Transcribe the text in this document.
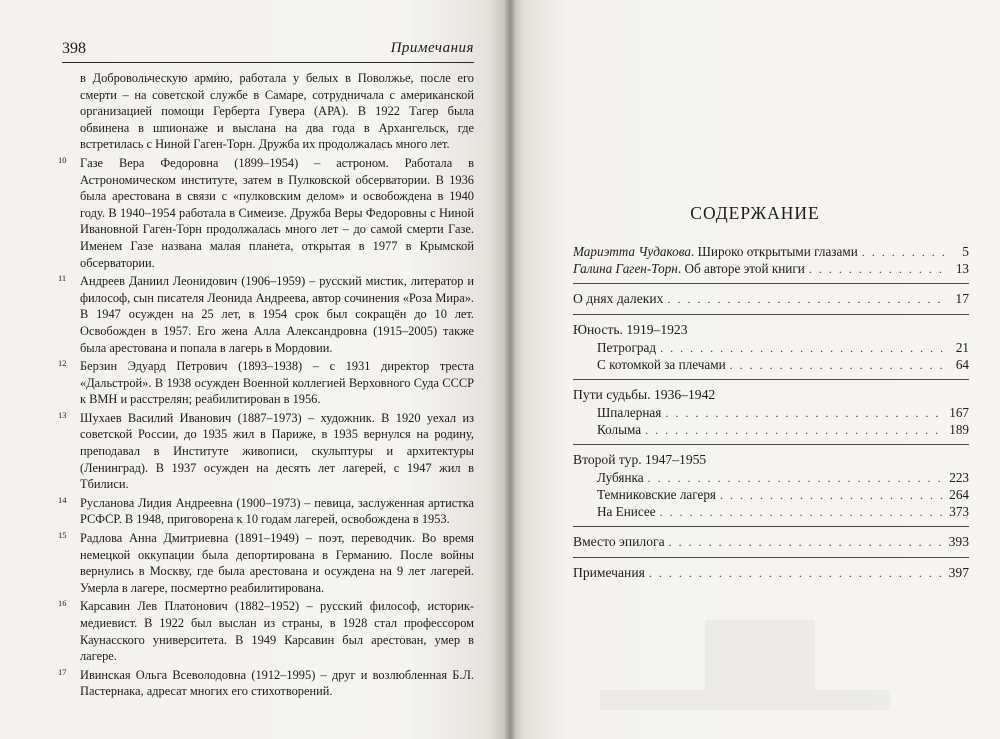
398	Примечания
в Добровольческую армию, работала у белых в Поволжье, после его смерти – на советской службе в Самаре, сотрудничала с американской организацией помощи Герберта Гувера (АРА). В 1922 Тагер была обвинена в шпионаже и выслана на два года в Архангельск, где встретилась с Ниной Гаген-Торн. Дружба их продолжалась много лет.
10	Гaзе Вера Федоровна (1899–1954) – астроном. Работала в Астрономическом институте, затем в Пулковской обсерватории. В 1936 была арестована в связи с «пулковским делом» и освобождена в 1940 году. В 1940–1954 работала в Симеизе. Дружба Веры Федоровны с Ниной Ивановной Гаген-Торн продолжалась много лет – до самой смерти Газе. Именем Газе названа малая планета, открытая в 1977 в Крымской обсерватории.
11	Андреев Даниил Леонидович (1906–1959) – русский мистик, литератор и философ, сын писателя Леонида Андреева, автор сочинения «Роза Мира». В 1947 осужден на 25 лет, в 1954 срок был сокращён до 10 лет. Освобожден в 1957. Его жена Алла Александровна (1915–2005) также была арестована и попала в лагерь в Мордовии.
12	Берзин Эдуард Петрович (1893–1938) – с 1931 директор треста «Дальстрой». В 1938 осужден Военной коллегией Верховного Суда СССР к ВМН и расстрелян; реабилитирован в 1956.
13	Шухаев Василий Иванович (1887–1973) – художник. В 1920 уехал из советской России, до 1935 жил в Париже, в 1935 вернулся на родину, преподавал в Институте живописи, скульптуры и архитектуры (Ленинград). В 1937 осужден на десять лет лагерей, с 1947 жил в Тбилиси.
14	Русланова Лидия Андреевна (1900–1973) – певица, заслуженная артистка РСФСР. В 1948, приговорена к 10 годам лагерей, освобождена в 1953.
15	Радлова Анна Дмитриевна (1891–1949) – поэт, переводчик. Во время немецкой оккупации была депортирована в Германию. После войны вернулись в Москву, где была арестована и осуждена на 9 лет лагерей. Умерла в лагере, посмертно реабилитирована.
16	Карсавин Лев Платонович (1882–1952) – русский философ, историк-медиевист. В 1922 был выслан из страны, в 1928 стал профессором Каунасского университета. В 1949 Карсавин был арестован, умер в лагере.
17	Ивинская Ольга Всеволодовна (1912–1995) – друг и возлюбленная Б.Л. Пастернака, адресат многих его стихотворений.
СОДЕРЖАНИЕ
Мариэтта Чудакова. Широко открытыми глазами . . .	5
Галина Гаген-Торн. Об авторе этой книги . . .	13
О днях далеких . . .	17
Юность. 1919–1923
Петроград . . .	21
С котомкой за плечами . . .	64
Пути судьбы. 1936–1942
Шпалерная . . .	167
Колыма . . .	189
Второй тур. 1947–1955
Лубянка . . .	223
Темниковские лагеря . . .	264
На Енисее . . .	373
Вместо эпилога . . .	393
Примечания . . .	397
